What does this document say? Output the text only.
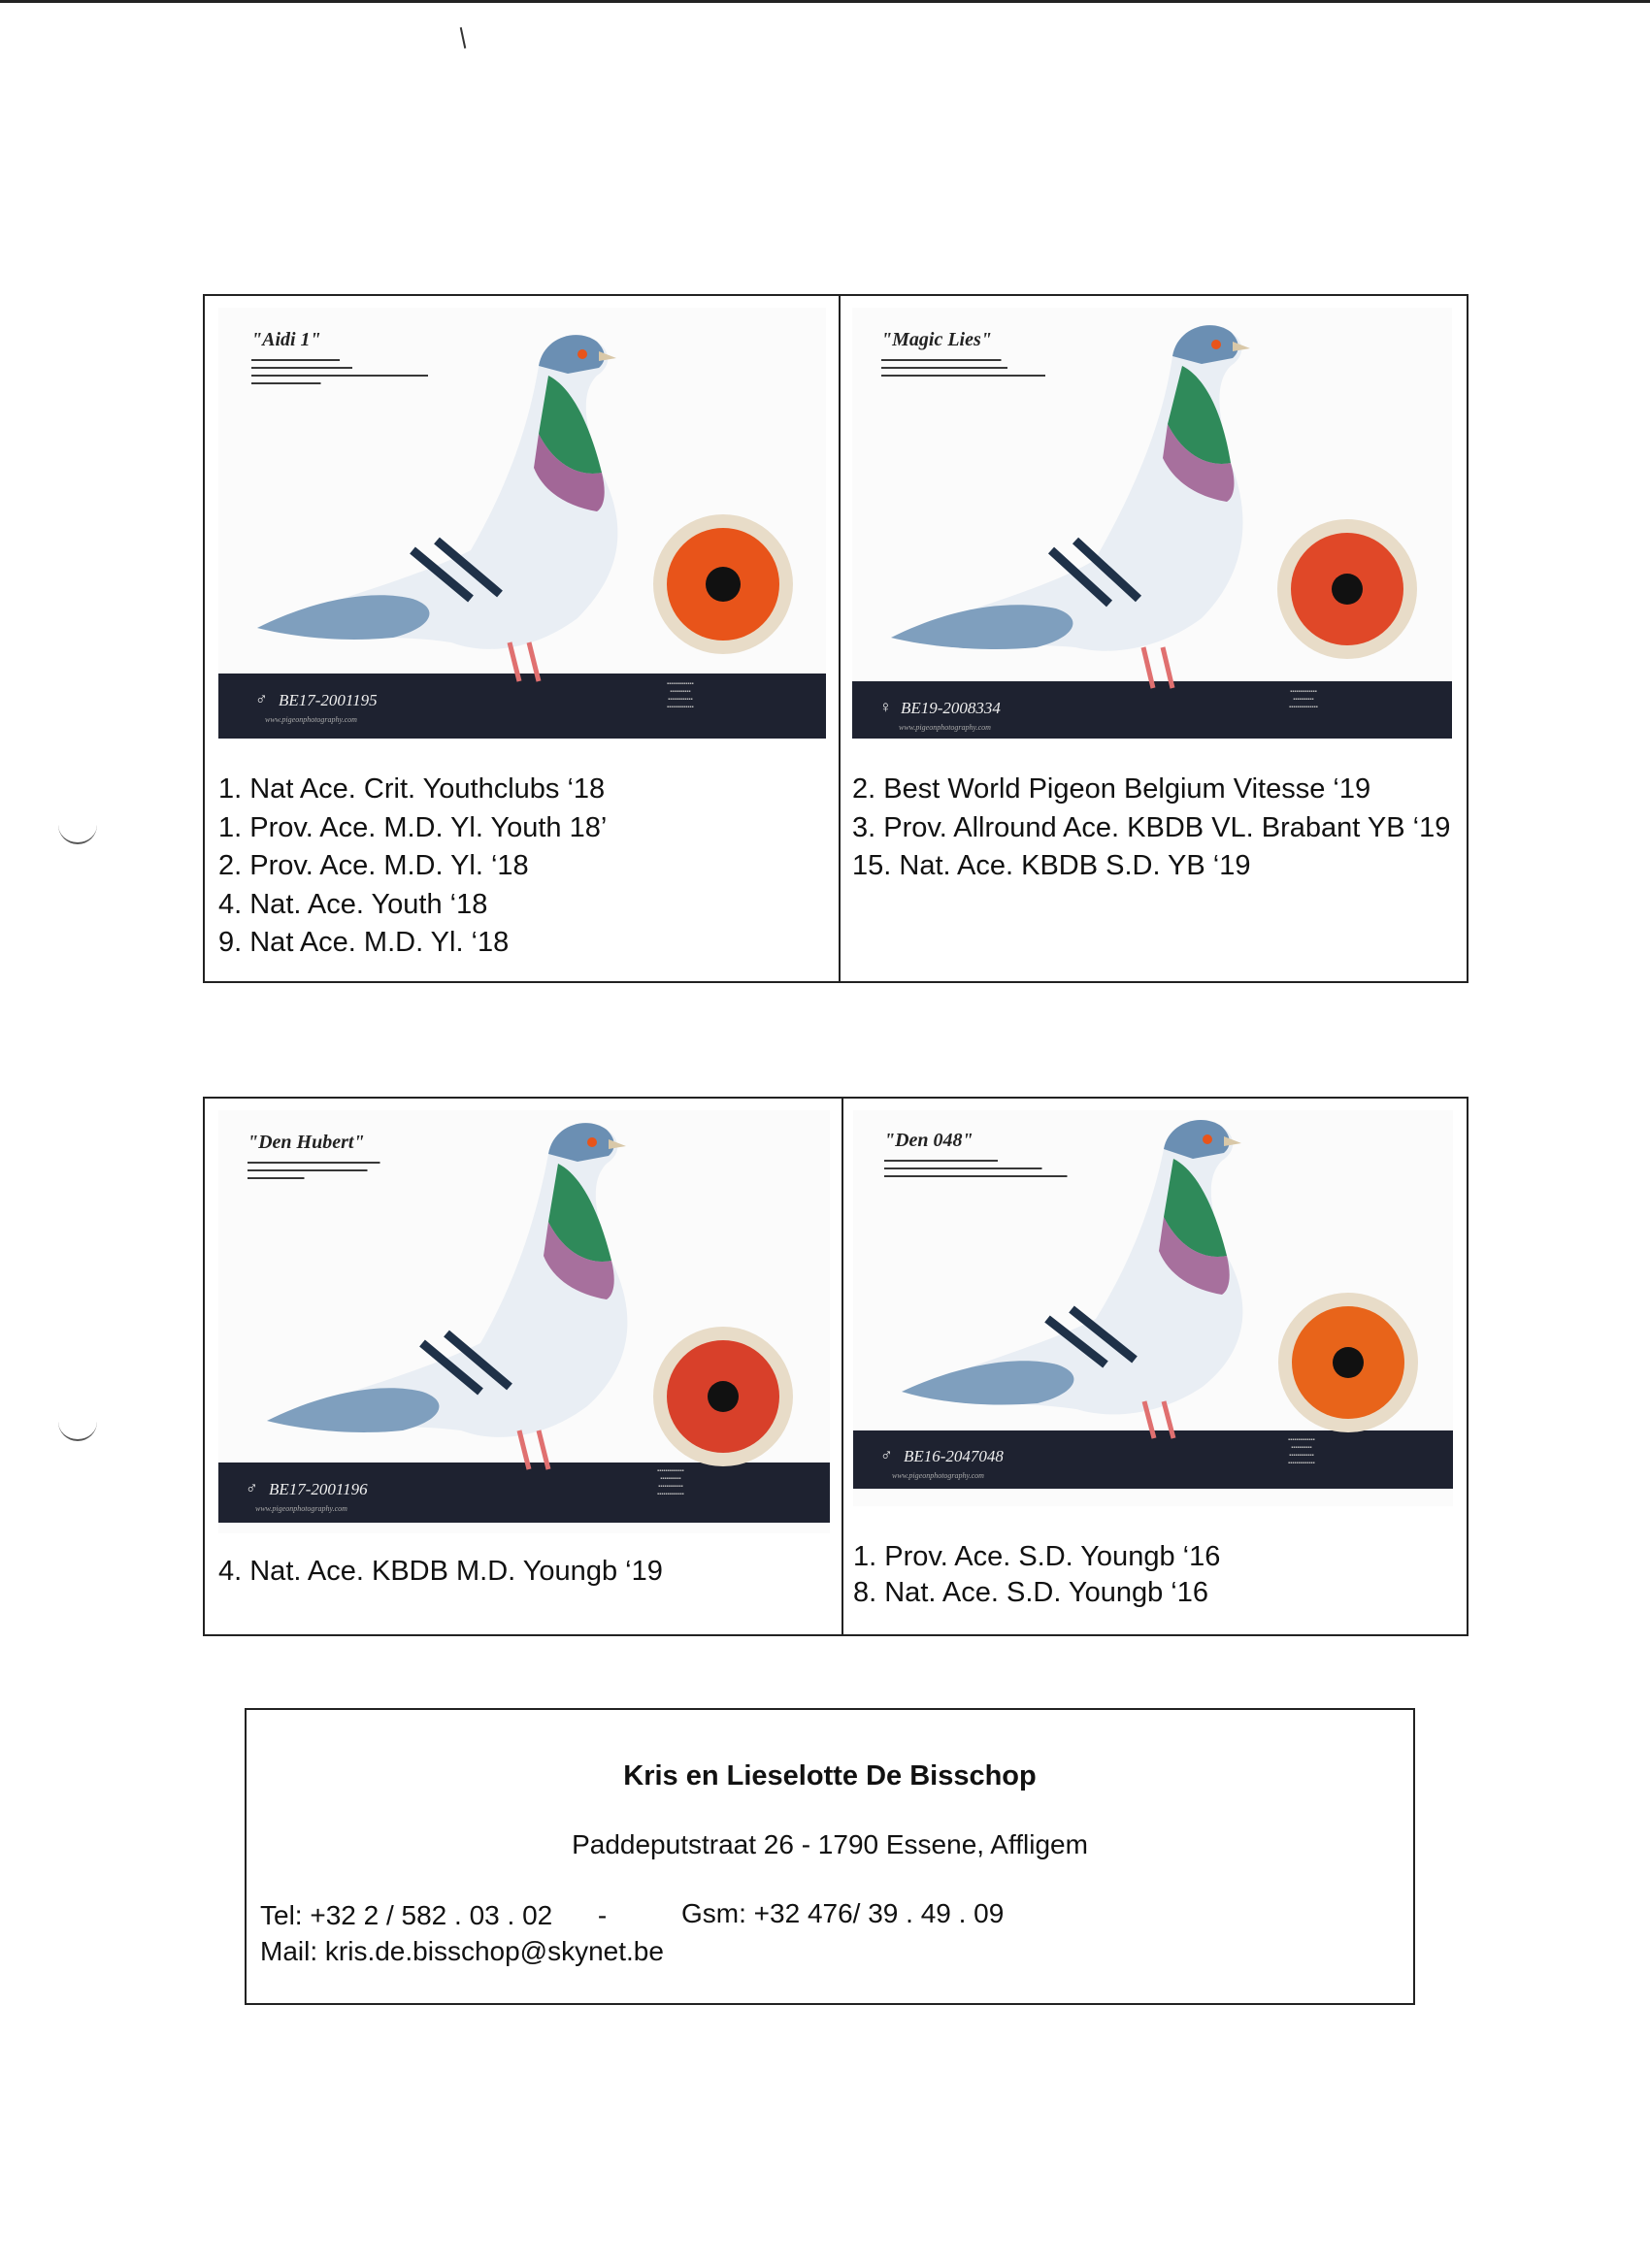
"Aidi 1"
▬▬▬▬▬▬▬▬▬▬▬▬▬▬
▬▬▬▬▬▬▬▬▬▬▬▬▬▬▬▬
▬▬▬▬▬▬▬▬▬▬▬▬▬▬▬▬▬▬▬▬▬▬▬▬▬▬▬▬
▬▬▬▬▬▬▬▬▬▬▬
♂ BE17-2001195
www.pigeonphotography.com
▪▪▪▪▪▪▪▪▪▪▪▪▪
▪▪▪▪▪▪▪▪▪▪
▪▪▪▪▪▪▪▪▪▪▪▪
▪▪▪▪▪▪▪▪▪▪▪▪▪
1. Nat Ace. Crit. Youthclubs ‘18
1. Prov. Ace. M.D. Yl. Youth 18’
2. Prov. Ace. M.D. Yl. ‘18
4. Nat. Ace. Youth ‘18
9. Nat Ace. M.D. Yl. ‘18
"Magic Lies"
▬▬▬▬▬▬▬▬▬▬▬▬▬▬▬▬▬▬▬
▬▬▬▬▬▬▬▬▬▬▬▬▬▬▬▬▬▬▬▬
▬▬▬▬▬▬▬▬▬▬▬▬▬▬▬▬▬▬▬▬▬▬▬▬▬▬
♀ BE19-2008334
www.pigeonphotography.com
▪▪▪▪▪▪▪▪▪▪▪▪▪
▪▪▪▪▪▪▪▪▪▪
▪▪▪▪▪▪▪▪▪▪▪▪▪▪
2. Best World Pigeon Belgium Vitesse ‘19
3. Prov. Allround Ace. KBDB VL. Brabant YB ‘19
15. Nat. Ace. KBDB S.D. YB ‘19
"Den Hubert"
▬▬▬▬▬▬▬▬▬▬▬▬▬▬▬▬▬▬▬▬▬
▬▬▬▬▬▬▬▬▬▬▬▬▬▬▬▬▬▬▬
▬▬▬▬▬▬▬▬▬
♂ BE17-2001196
www.pigeonphotography.com
▪▪▪▪▪▪▪▪▪▪▪▪▪
▪▪▪▪▪▪▪▪▪▪
▪▪▪▪▪▪▪▪▪▪▪▪
▪▪▪▪▪▪▪▪▪▪▪▪▪
4. Nat. Ace. KBDB M.D. Youngb ‘19
"Den 048"
▬▬▬▬▬▬▬▬▬▬▬▬▬▬▬▬▬▬
▬▬▬▬▬▬▬▬▬▬▬▬▬▬▬▬▬▬▬▬▬▬▬▬▬
▬▬▬▬▬▬▬▬▬▬▬▬▬▬▬▬▬▬▬▬▬▬▬▬▬▬▬▬▬
♂ BE16-2047048
www.pigeonphotography.com
▪▪▪▪▪▪▪▪▪▪▪▪▪
▪▪▪▪▪▪▪▪▪▪
▪▪▪▪▪▪▪▪▪▪▪▪
▪▪▪▪▪▪▪▪▪▪▪▪▪
1. Prov. Ace. S.D. Youngb ‘16
8. Nat. Ace. S.D. Youngb ‘16
Kris en Lieselotte De Bisschop
Paddeputstraat 26 - 1790 Essene, Affligem
Tel: +32 2 / 582 . 03 . 02      -	Gsm: +32 476/ 39 . 49 . 09
Mail: kris.de.bisschop@skynet.be
